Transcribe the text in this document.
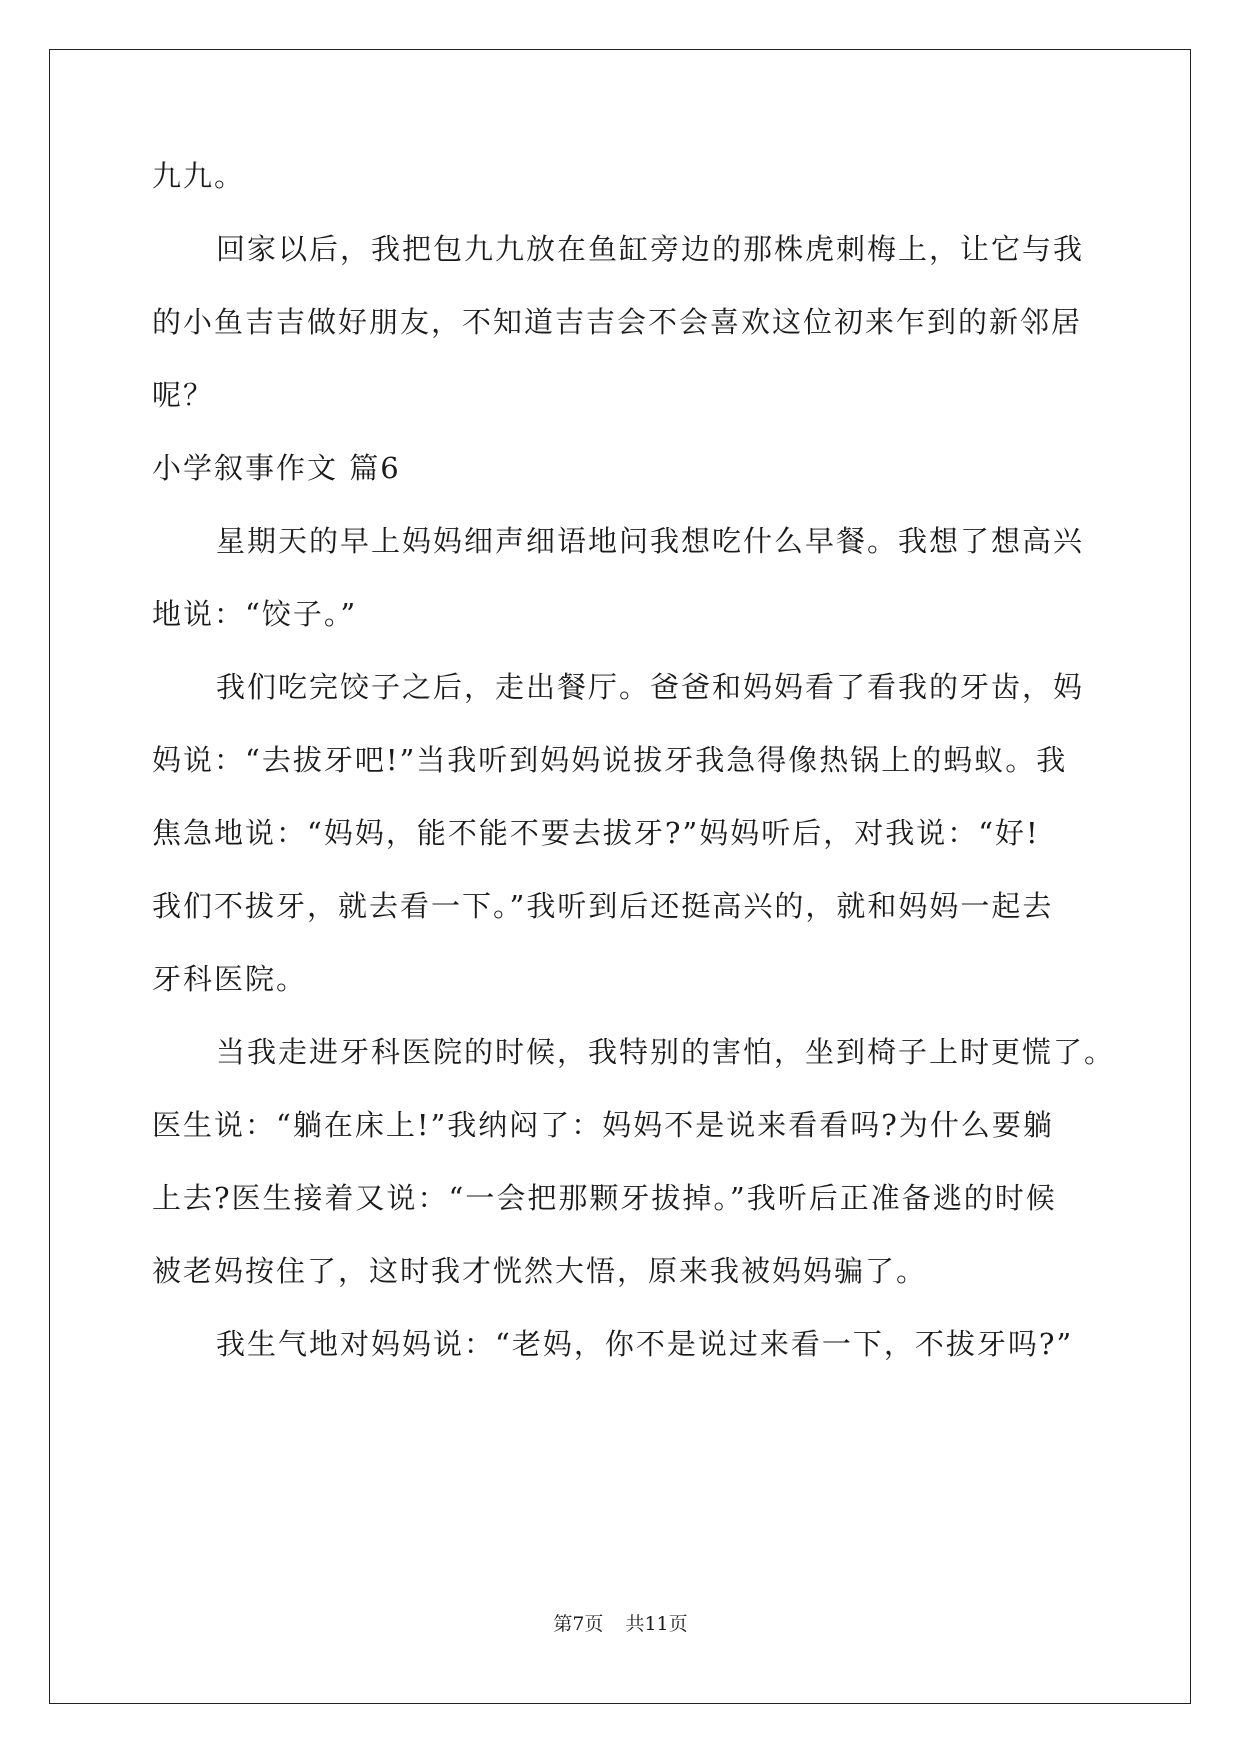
九九。
回家以后，我把包九九放在鱼缸旁边的那株虎刺梅上，让它与我
的小鱼吉吉做好朋友，不知道吉吉会不会喜欢这位初来乍到的新邻居
呢？
小学叙事作文 篇6
星期天的早上妈妈细声细语地问我想吃什么早餐。我想了想高兴
地说：“饺子。”
我们吃完饺子之后，走出餐厅。爸爸和妈妈看了看我的牙齿，妈
妈说：“去拔牙吧!”当我听到妈妈说拔牙我急得像热锅上的蚂蚁。我
焦急地说：“妈妈，能不能不要去拔牙?”妈妈听后，对我说：“好!
我们不拔牙，就去看一下。”我听到后还挺高兴的，就和妈妈一起去
牙科医院。
当我走进牙科医院的时候，我特别的害怕，坐到椅子上时更慌了。
医生说：“躺在床上!”我纳闷了：妈妈不是说来看看吗?为什么要躺
上去?医生接着又说：“一会把那颗牙拔掉。”我听后正准备逃的时候
被老妈按住了，这时我才恍然大悟，原来我被妈妈骗了。
我生气地对妈妈说：“老妈，你不是说过来看一下，不拔牙吗?”
第7页 共11页
